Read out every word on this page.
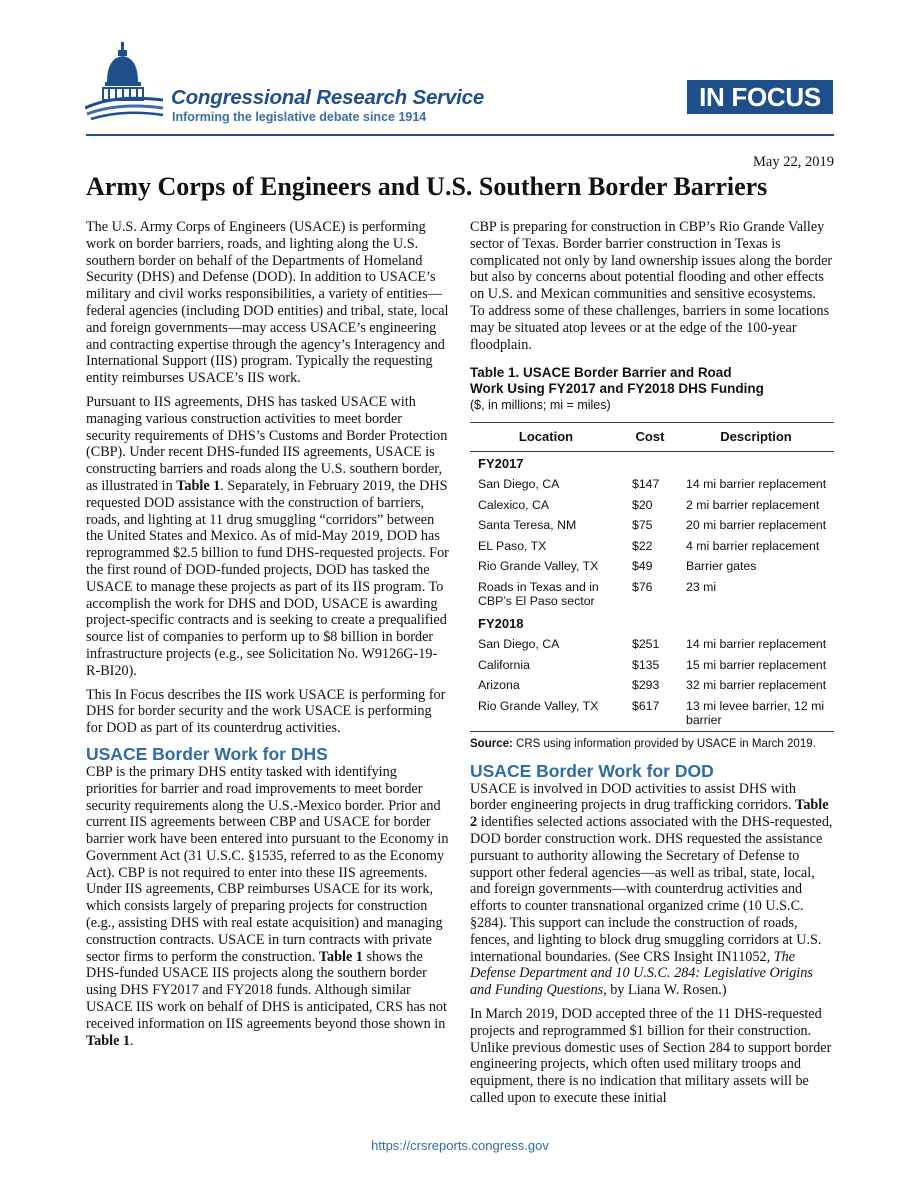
Congressional Research Service
Informing the legislative debate since 1914
IN FOCUS
May 22, 2019
Army Corps of Engineers and U.S. Southern Border Barriers

The U.S. Army Corps of Engineers (USACE) is performing work on border barriers, roads, and lighting along the U.S. southern border on behalf of the Departments of Homeland Security (DHS) and Defense (DOD). In addition to USACE’s military and civil works responsibilities, a variety of entities—federal agencies (including DOD entities) and tribal, state, local and foreign governments—may access USACE’s engineering and contracting expertise through the agency’s Interagency and International Support (IIS) program. Typically the requesting entity reimburses USACE’s IIS work.

Pursuant to IIS agreements, DHS has tasked USACE with managing various construction activities to meet border security requirements of DHS’s Customs and Border Protection (CBP). Under recent DHS-funded IIS agreements, USACE is constructing barriers and roads along the U.S. southern border, as illustrated in Table 1. Separately, in February 2019, the DHS requested DOD assistance with the construction of barriers, roads, and lighting at 11 drug smuggling “corridors” between the United States and Mexico. As of mid-May 2019, DOD has reprogrammed $2.5 billion to fund DHS-requested projects. For the first round of DOD-funded projects, DOD has tasked the USACE to manage these projects as part of its IIS program. To accomplish the work for DHS and DOD, USACE is awarding project-specific contracts and is seeking to create a prequalified source list of companies to perform up to $8 billion in border infrastructure projects (e.g., see Solicitation No. W9126G-19-R-BI20).

This In Focus describes the IIS work USACE is performing for DHS for border security and the work USACE is performing for DOD as part of its counterdrug activities.

USACE Border Work for DHS

CBP is the primary DHS entity tasked with identifying priorities for barrier and road improvements to meet border security requirements along the U.S.-Mexico border. Prior and current IIS agreements between CBP and USACE for border barrier work have been entered into pursuant to the Economy in Government Act (31 U.S.C. §1535, referred to as the Economy Act). CBP is not required to enter into these IIS agreements. Under IIS agreements, CBP reimburses USACE for its work, which consists largely of preparing projects for construction (e.g., assisting DHS with real estate acquisition) and managing construction contracts. USACE in turn contracts with private sector firms to perform the construction. Table 1 shows the DHS-funded USACE IIS projects along the southern border using DHS FY2017 and FY2018 funds. Although similar USACE IIS work on behalf of DHS is anticipated, CRS has not received information on IIS agreements beyond those shown in Table 1.

CBP is preparing for construction in CBP’s Rio Grande Valley sector of Texas. Border barrier construction in Texas is complicated not only by land ownership issues along the border but also by concerns about potential flooding and other effects on U.S. and Mexican communities and sensitive ecosystems. To address some of these challenges, barriers in some locations may be situated atop levees or at the edge of the 100-year floodplain.

Table 1. USACE Border Barrier and Road
Work Using FY2017 and FY2018 DHS Funding
($, in millions; mi = miles)
Location	Cost	Description
FY2017		
San Diego, CA	$147	14 mi barrier replacement
Calexico, CA	$20	2 mi barrier replacement
Santa Teresa, NM	$75	20 mi barrier replacement
EL Paso, TX	$22	4 mi barrier replacement
Rio Grande Valley, TX	$49	Barrier gates
Roads in Texas and in CBP’s El Paso sector	$76	23 mi
FY2018		
San Diego, CA	$251	14 mi barrier replacement
California	$135	15 mi barrier replacement
Arizona	$293	32 mi barrier replacement
Rio Grande Valley, TX	$617	13 mi levee barrier, 12 mi barrier
Source: CRS using information provided by USACE in March 2019.
USACE Border Work for DOD

USACE is involved in DOD activities to assist DHS with border engineering projects in drug trafficking corridors. Table 2 identifies selected actions associated with the DHS-requested, DOD border construction work. DHS requested the assistance pursuant to authority allowing the Secretary of Defense to support other federal agencies—as well as tribal, state, local, and foreign governments—with counterdrug activities and efforts to counter transnational organized crime (10 U.S.C. §284). This support can include the construction of roads, fences, and lighting to block drug smuggling corridors at U.S. international boundaries. (See CRS Insight IN11052, The Defense Department and 10 U.S.C. 284: Legislative Origins and Funding Questions, by Liana W. Rosen.)

In March 2019, DOD accepted three of the 11 DHS-requested projects and reprogrammed $1 billion for their construction. Unlike previous domestic uses of Section 284 to support border engineering projects, which often used military troops and equipment, there is no indication that military assets will be called upon to execute these initial

https://crsreports.congress.gov
